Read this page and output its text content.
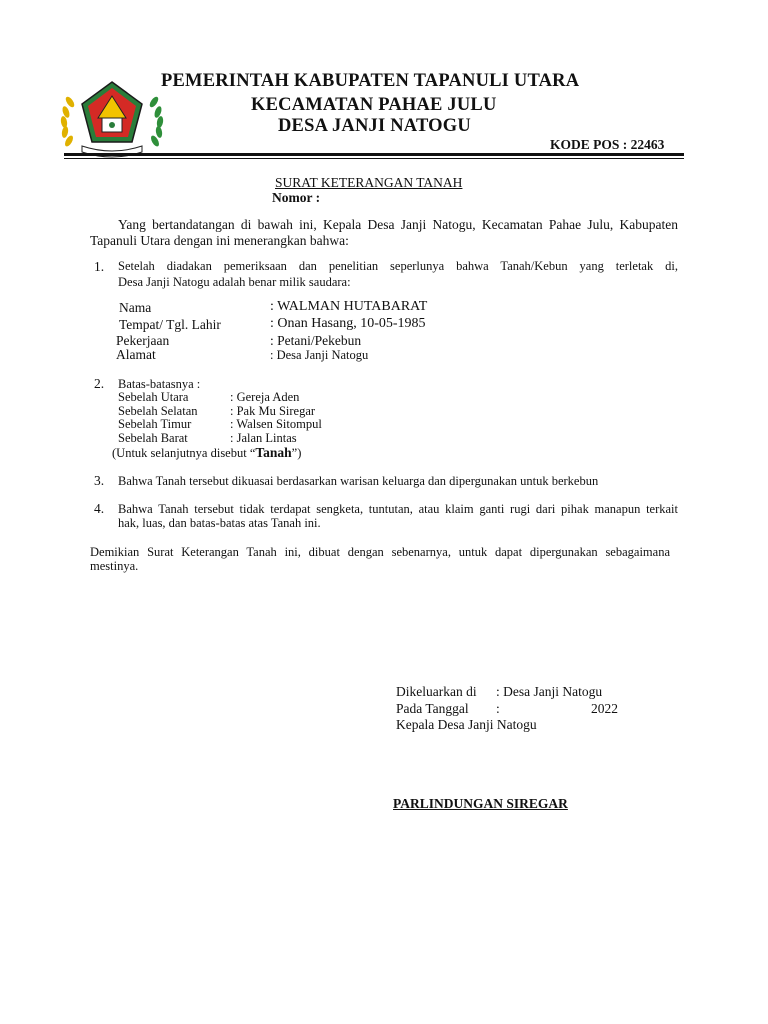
PEMERINTAH KABUPATEN TAPANULI UTARA
KECAMATAN PAHAE JULU
DESA JANJI NATOGU
KODE POS : 22463
SURAT KETERANGAN TANAH
Nomor :
Yang bertandatangan di bawah ini, Kepala Desa Janji Natogu, Kecamatan Pahae Julu, Kabupaten
Tapanuli Utara dengan ini menerangkan bahwa:
1. Setelah diadakan pemeriksaan dan penelitian seperlunya bahwa Tanah/Kebun yang terletak di,
Desa Janji Natogu adalah benar milik saudara:
Nama	: WALMAN HUTABARAT
Tempat/ Tgl. Lahir	: Onan Hasang, 10-05-1985
Pekerjaan	: Petani/Pekebun
Alamat	: Desa Janji Natogu
2. Batas-batasnya :
Sebelah Utara	: Gereja Aden
Sebelah Selatan	: Pak Mu Siregar
Sebelah Timur	: Walsen Sitompul
Sebelah Barat	: Jalan Lintas
(Untuk selanjutnya disebut “Tanah”)
3. Bahwa Tanah tersebut dikuasai berdasarkan warisan keluarga dan dipergunakan untuk berkebun
4. Bahwa Tanah tersebut tidak terdapat sengketa, tuntutan, atau klaim ganti rugi dari pihak manapun terkait
hak, luas, dan batas-batas atas Tanah ini.
Demikian Surat Keterangan Tanah ini, dibuat dengan sebenarnya, untuk dapat dipergunakan sebagaimana
mestinya.
Dikeluarkan di : Desa Janji Natogu
Pada Tanggal :	2022
Kepala Desa Janji Natogu
PARLINDUNGAN SIREGAR
